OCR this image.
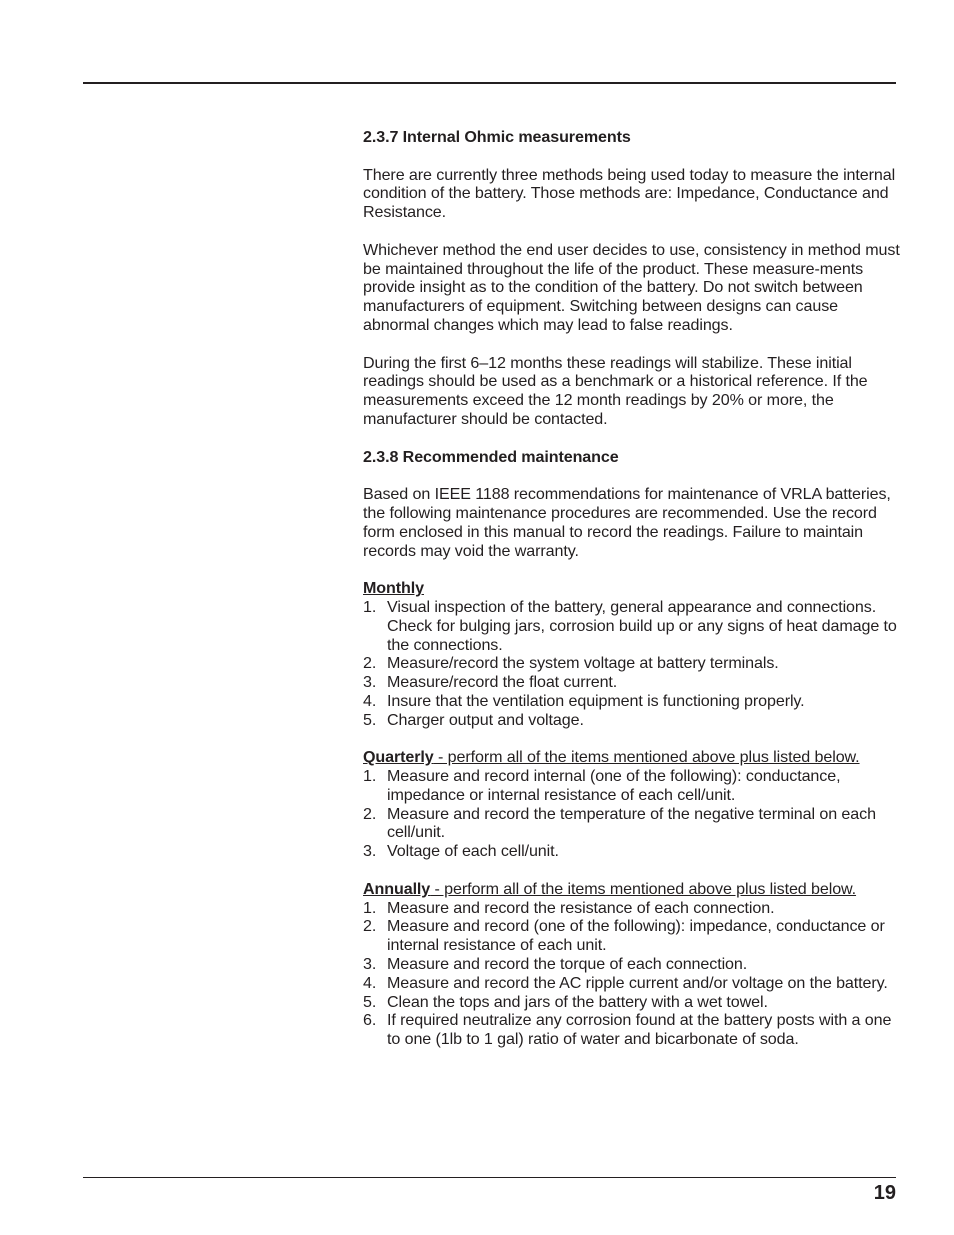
2.3.7 Internal Ohmic measurements

There are currently three methods being used today to measure the internal condition of the battery. Those methods are: Impedance, Conductance and Resistance.

Whichever method the end user decides to use, consistency in method must be maintained throughout the life of the product. These measure-ments provide insight as to the condition of the battery. Do not switch between manufacturers of equipment. Switching between designs can cause abnormal changes which may lead to false readings.

During the first 6–12 months these readings will stabilize. These initial readings should be used as a benchmark or a historical reference. If the measurements exceed the 12 month readings by 20% or more, the manufacturer should be contacted.

2.3.8 Recommended maintenance

Based on IEEE 1188 recommendations for maintenance of VRLA batteries, the following maintenance procedures are recommended. Use the record form enclosed in this manual to record the readings. Failure to maintain records may void the warranty.

Monthly

1. Visual inspection of the battery, general appearance and connections. Check for bulging jars, corrosion build up or any signs of heat damage to the connections.
2. Measure/record the system voltage at battery terminals.
3. Measure/record the float current.
4. Insure that the ventilation equipment is functioning properly.
5. Charger output and voltage.

Quarterly - perform all of the items mentioned above plus listed below.

1. Measure and record internal (one of the following): conductance, impedance or internal resistance of each cell/unit.
2. Measure and record the temperature of the negative terminal on each cell/unit.
3. Voltage of each cell/unit.

Annually - perform all of the items mentioned above plus listed below.

1. Measure and record the resistance of each connection.
2. Measure and record (one of the following): impedance, conductance or internal resistance of each unit.
3. Measure and record the torque of each connection.
4. Measure and record the AC ripple current and/or voltage on the battery.
5. Clean the tops and jars of the battery with a wet towel.
6. If required neutralize any corrosion found at the battery posts with a one to one (1lb to 1 gal) ratio of water and bicarbonate of soda.
19
